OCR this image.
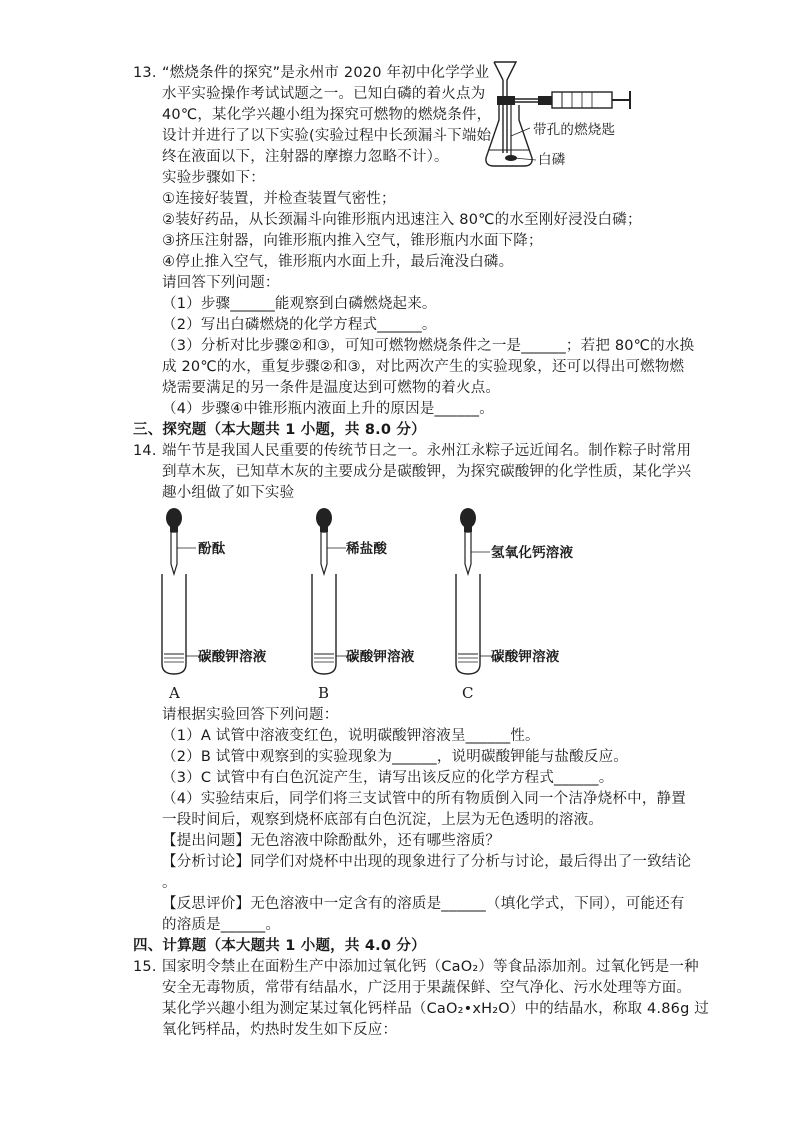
13. “燃烧条件的探究”是永州市 2020 年初中化学学业
水平实验操作考试试题之一。已知白磷的着火点为
40℃，某化学兴趣小组为探究可燃物的燃烧条件，
设计并进行了以下实验(实验过程中长颈漏斗下端始
终在液面以下，注射器的摩擦力忽略不计）。
实验步骤如下：
①连接好装置，并检查装置气密性；
②装好药品，从长颈漏斗向锥形瓶内迅速注入 80℃的水至刚好浸没白磷；
③挤压注射器，向锥形瓶内推入空气，锥形瓶内水面下降；
④停止推入空气，锥形瓶内水面上升，最后淹没白磷。
请回答下列问题：
（1）步骤______能观察到白磷燃烧起来。
（2）写出白磷燃烧的化学方程式______。
（3）分析对比步骤②和③，可知可燃物燃烧条件之一是______；若把 80℃的水换
成 20℃的水，重复步骤②和③，对比两次产生的实验现象，还可以得出可燃物燃
烧需要满足的另一条件是温度达到可燃物的着火点。
（4）步骤④中锥形瓶内液面上升的原因是______。
带孔的燃烧匙
白磷
三、探究题（本大题共 1 小题，共 8.0 分）
14. 端午节是我国人民重要的传统节日之一。永州江永粽子远近闻名。制作粽子时常用
到草木灰，已知草木灰的主要成分是碳酸钾，为探究碳酸钾的化学性质，某化学兴
趣小组做了如下实验
酚酞
碳酸钾溶液
A
稀盐酸
碳酸钾溶液
B
氢氧化钙溶液
碳酸钾溶液
C
请根据实验回答下列问题：
（1）A 试管中溶液变红色，说明碳酸钾溶液呈______性。
（2）B 试管中观察到的实验现象为______，说明碳酸钾能与盐酸反应。
（3）C 试管中有白色沉淀产生，请写出该反应的化学方程式______。
（4）实验结束后，同学们将三支试管中的所有物质倒入同一个洁净烧杯中，静置
一段时间后，观察到烧杯底部有白色沉淀，上层为无色透明的溶液。
【提出问题】无色溶液中除酚酞外，还有哪些溶质？
【分析讨论】同学们对烧杯中出现的现象进行了分析与讨论，最后得出了一致结论
。
【反思评价】无色溶液中一定含有的溶质是______（填化学式，下同），可能还有
的溶质是______。
四、计算题（本大题共 1 小题，共 4.0 分）
15. 国家明令禁止在面粉生产中添加过氧化钙（CaO₂）等食品添加剂。过氧化钙是一种
安全无毒物质，常带有结晶水，广泛用于果蔬保鲜、空气净化、污水处理等方面。
某化学兴趣小组为测定某过氧化钙样品（CaO₂•xH₂O）中的结晶水，称取 4.86g 过
氧化钙样品，灼热时发生如下反应：
